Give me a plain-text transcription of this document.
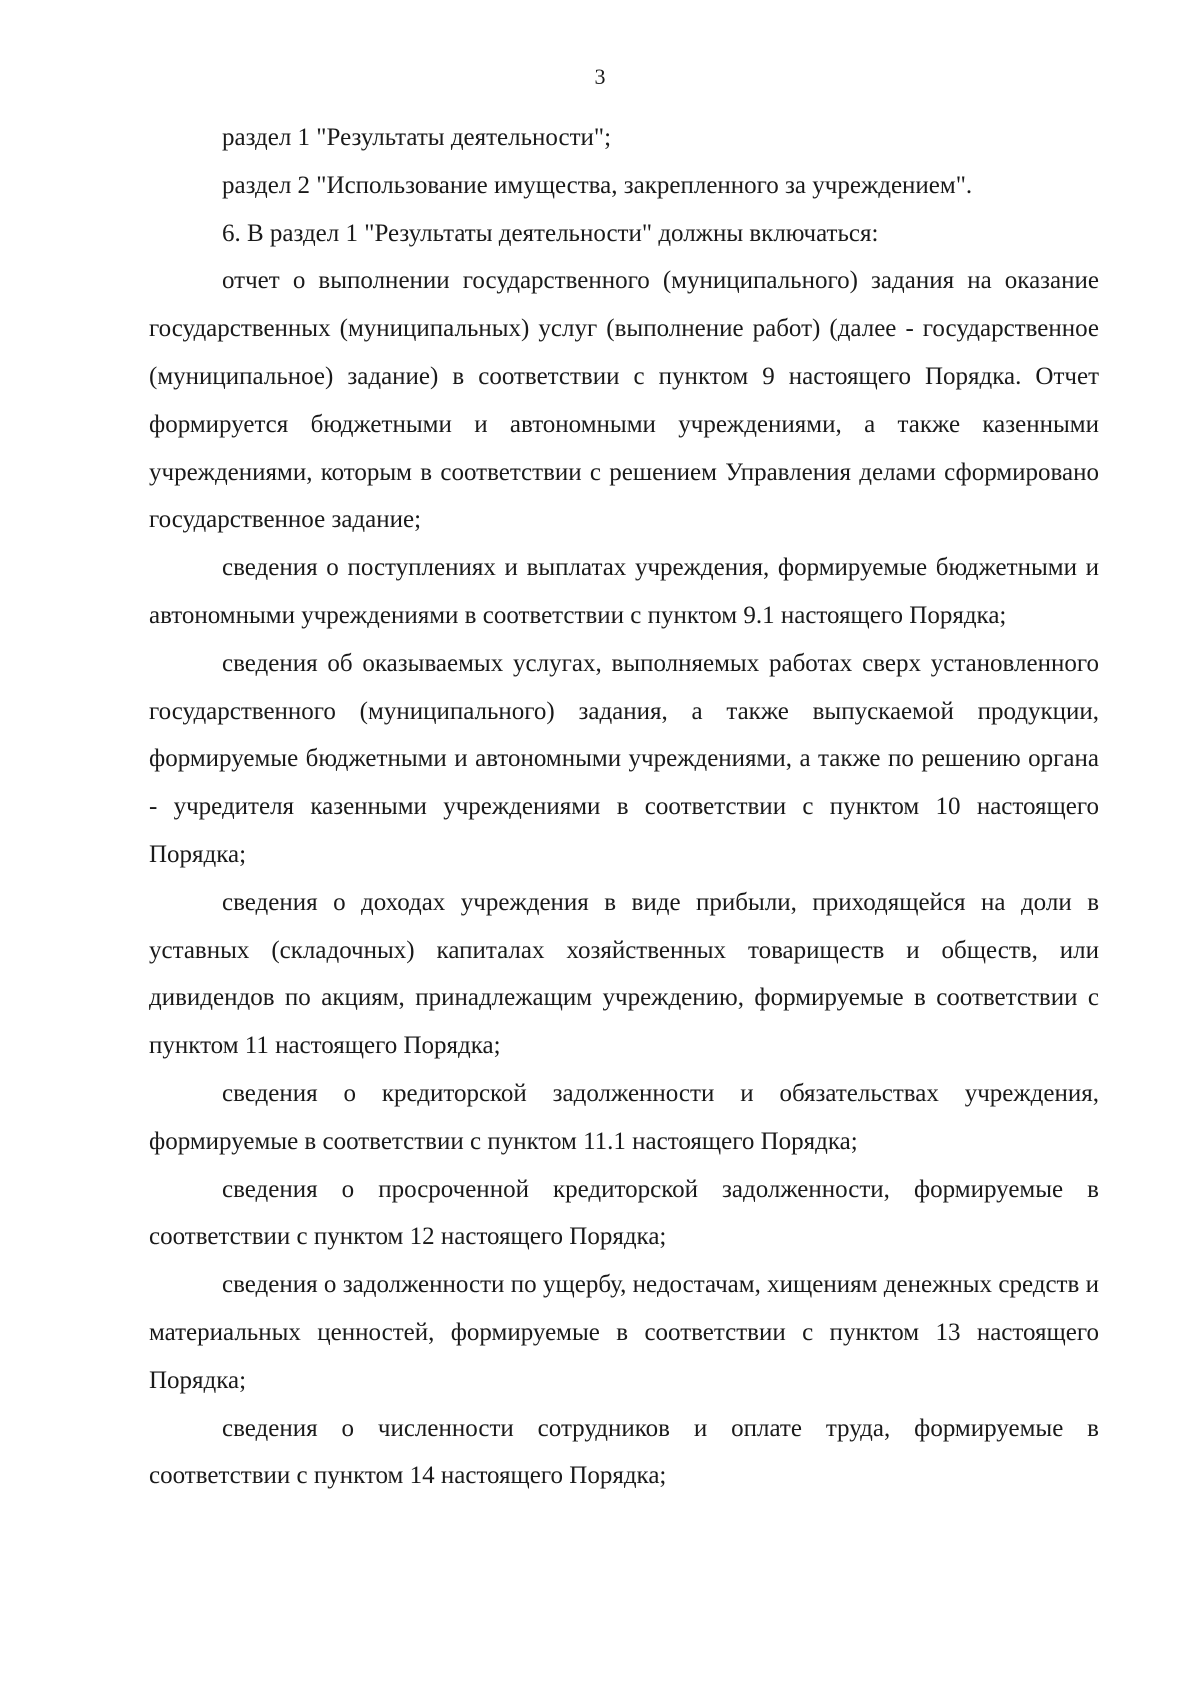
3

раздел 1 "Результаты деятельности";

раздел 2 "Использование имущества, закрепленного за учреждением".

6. В раздел 1 "Результаты деятельности" должны включаться:

отчет о выполнении государственного (муниципального) задания на оказание государственных (муниципальных) услуг (выполнение работ) (далее - государственное (муниципальное) задание) в соответствии с пунктом 9 настоящего Порядка. Отчет формируется бюджетными и автономными учреждениями, а также казенными учреждениями, которым в соответствии с решением Управления делами сформировано государственное задание;

сведения о поступлениях и выплатах учреждения, формируемые бюджетными и автономными учреждениями в соответствии с пунктом 9.1 настоящего Порядка;

сведения об оказываемых услугах, выполняемых работах сверх установленного государственного (муниципального) задания, а также выпускаемой продукции, формируемые бюджетными и автономными учреждениями, а также по решению органа - учредителя казенными учреждениями в соответствии с пунктом 10 настоящего Порядка;

сведения о доходах учреждения в виде прибыли, приходящейся на доли в уставных (складочных) капиталах хозяйственных товариществ и обществ, или дивидендов по акциям, принадлежащим учреждению, формируемые в соответствии с пунктом 11 настоящего Порядка;

сведения о кредиторской задолженности и обязательствах учреждения, формируемые в соответствии с пунктом 11.1 настоящего Порядка;

сведения о просроченной кредиторской задолженности, формируемые в соответствии с пунктом 12 настоящего Порядка;

сведения о задолженности по ущербу, недостачам, хищениям денежных средств и материальных ценностей, формируемые в соответствии с пунктом 13 настоящего Порядка;

сведения о численности сотрудников и оплате труда, формируемые в соответствии с пунктом 14 настоящего Порядка;
